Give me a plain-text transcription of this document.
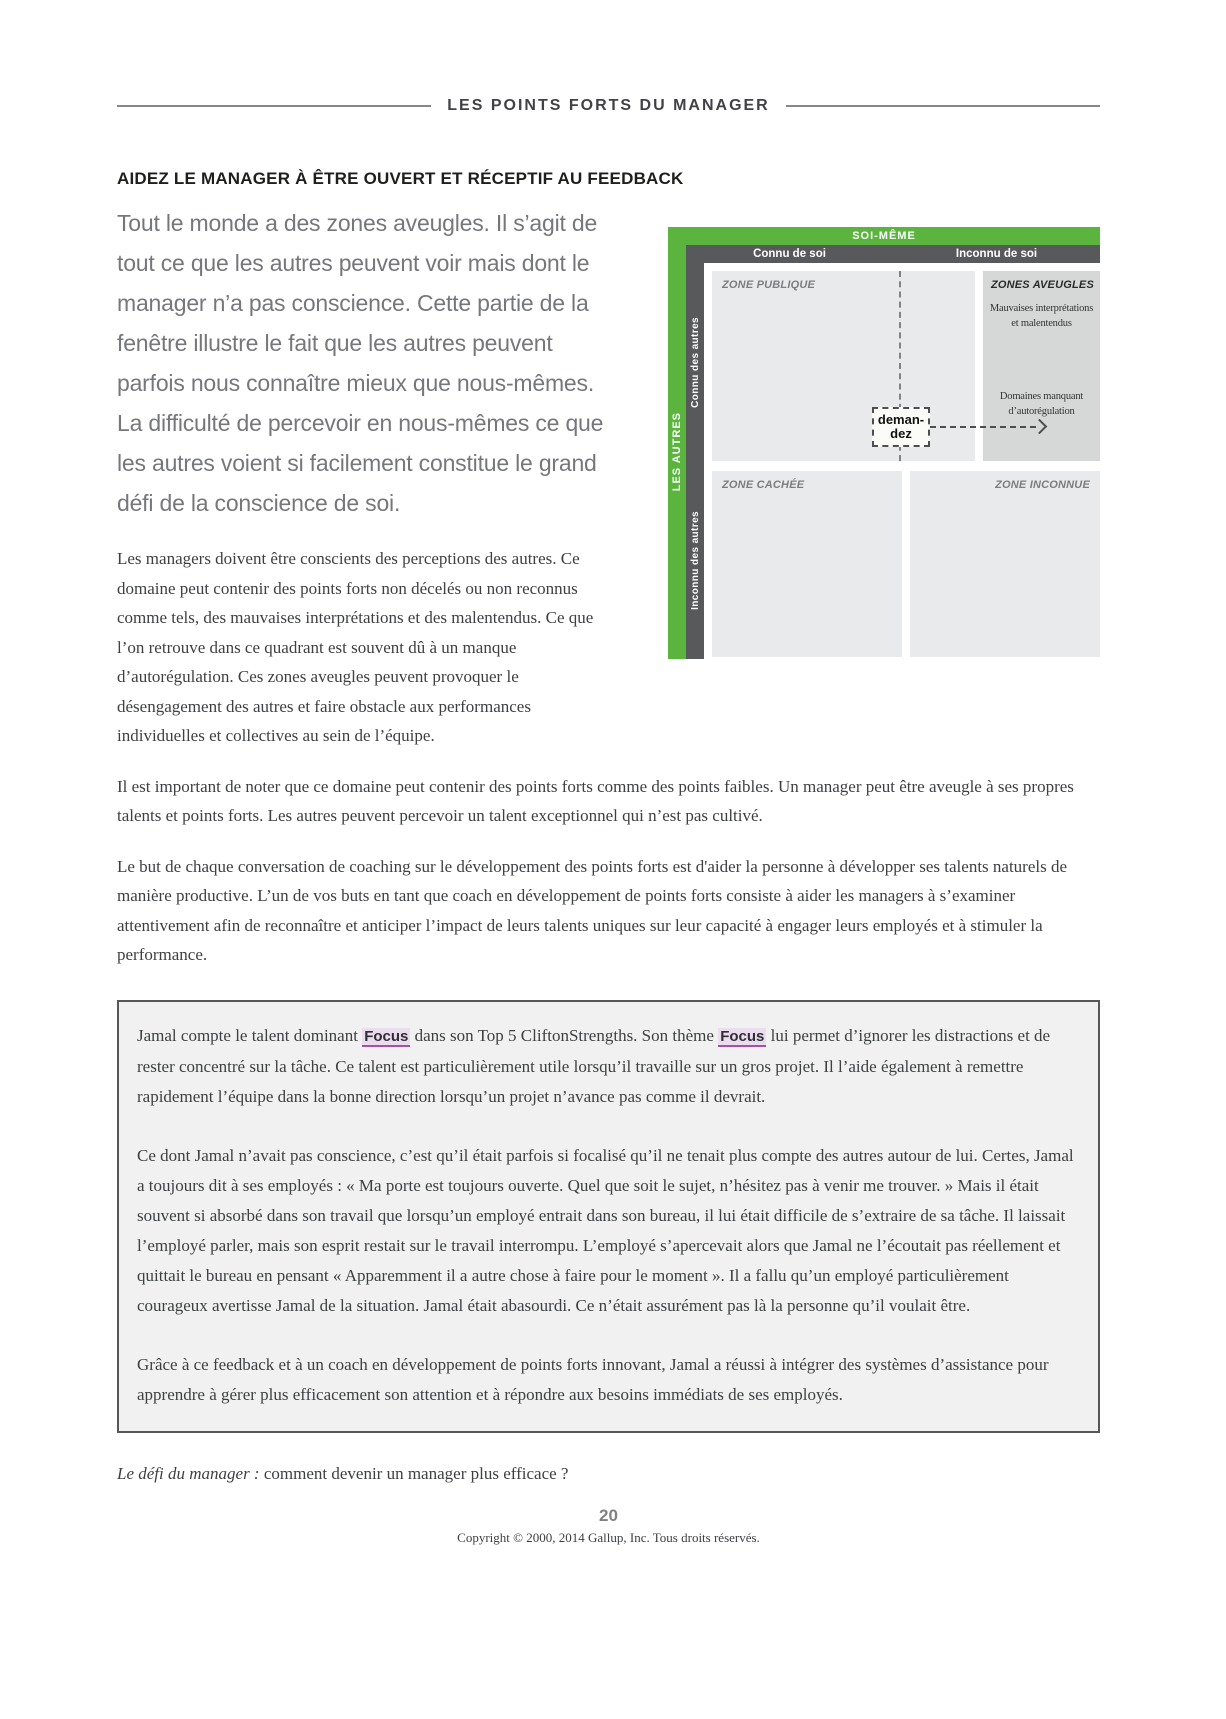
LES POINTS FORTS DU MANAGER
AIDEZ LE MANAGER À ÊTRE OUVERT ET RÉCEPTIF AU FEEDBACK
SOI-MÊME
LES AUTRES
Connu de soi	Inconnu de soi
Connu des autres
Inconnu des autres
ZONE PUBLIQUE	ZONES AVEUGLES
Mauvaises interprétations et malentendus
Domaines manquant d’autorégulation
ZONE CACHÉE	ZONE INCONNUE
deman-
dez

Tout le monde a des zones aveugles. Il s’agit de tout ce que les autres peuvent voir mais dont le manager n’a pas conscience. Cette partie de la fenêtre illustre le fait que les autres peuvent parfois nous connaître mieux que nous-mêmes. La difficulté de percevoir en nous-mêmes ce que les autres voient si facilement constitue le grand défi de la conscience de soi.

Les managers doivent être conscients des perceptions des autres. Ce domaine peut contenir des points forts non décelés ou non reconnus comme tels, des mauvaises interprétations et des malentendus. Ce que l’on retrouve dans ce quadrant est souvent dû à un manque d’autorégulation. Ces zones aveugles peuvent provoquer le désengagement des autres et faire obstacle aux performances individuelles et collectives au sein de l’équipe.

Il est important de noter que ce domaine peut contenir des points forts comme des points faibles. Un manager peut être aveugle à ses propres talents et points forts. Les autres peuvent percevoir un talent exceptionnel qui n’est pas cultivé.

Le but de chaque conversation de coaching sur le développement des points forts est d'aider la personne à développer ses talents naturels de manière productive. L’un de vos buts en tant que coach en développement de points forts consiste à aider les managers à s’examiner attentivement afin de reconnaître et anticiper l’impact de leurs talents uniques sur leur capacité à engager leurs employés et à stimuler la performance.

Jamal compte le talent dominant Focus dans son Top 5 CliftonStrengths. Son thème Focus lui permet d’ignorer les distractions et de rester concentré sur la tâche. Ce talent est particulièrement utile lorsqu’il travaille sur un gros projet. Il l’aide également à remettre rapidement l’équipe dans la bonne direction lorsqu’un projet n’avance pas comme il devrait.

Ce dont Jamal n’avait pas conscience, c’est qu’il était parfois si focalisé qu’il ne tenait plus compte des autres autour de lui. Certes, Jamal a toujours dit à ses employés : « Ma porte est toujours ouverte. Quel que soit le sujet, n’hésitez pas à venir me trouver. » Mais il était souvent si absorbé dans son travail que lorsqu’un employé entrait dans son bureau, il lui était difficile de s’extraire de sa tâche. Il laissait l’employé parler, mais son esprit restait sur le travail interrompu. L’employé s’apercevait alors que Jamal ne l’écoutait pas réellement et quittait le bureau en pensant « Apparemment il a autre chose à faire pour le moment ». Il a fallu qu’un employé particulièrement courageux avertisse Jamal de la situation. Jamal était abasourdi. Ce n’était assurément pas là la personne qu’il voulait être.

Grâce à ce feedback et à un coach en développement de points forts innovant, Jamal a réussi à intégrer des systèmes d’assistance pour apprendre à gérer plus efficacement son attention et à répondre aux besoins immédiats de ses employés.

Le défi du manager : comment devenir un manager plus efficace ?

20
Copyright © 2000, 2014 Gallup, Inc. Tous droits réservés.
